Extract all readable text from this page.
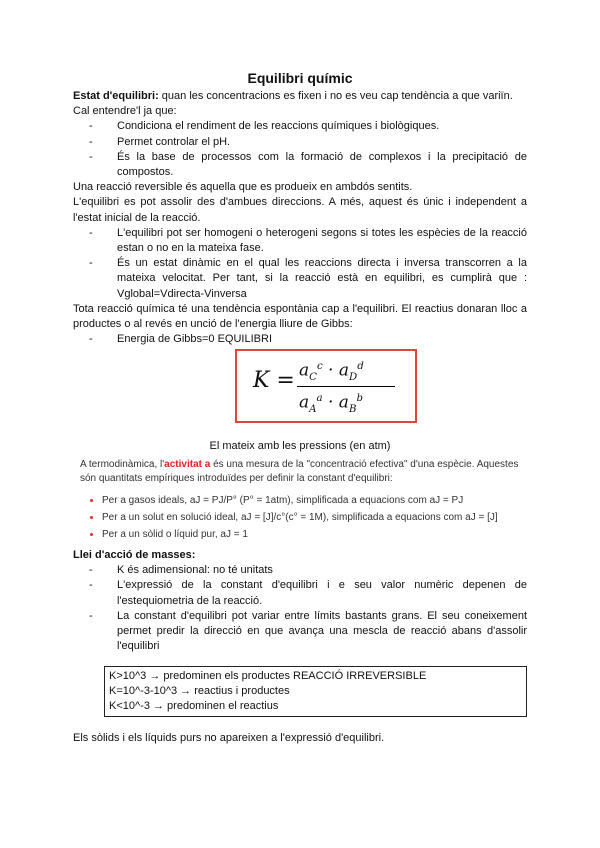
Equilibri químic
Estat d'equilibri: quan les concentracions es fixen i no es veu cap tendència a que variïn.
Cal entendre'l ja que:
- Condiciona el rendiment de les reaccions químiques i biològiques.
- Permet controlar el pH.
- És la base de processos com la formació de complexos i la precipitació de compostos.
Una reacció reversible és aquella que es produeix en ambdós sentits.
L'equilibri es pot assolir des d'ambues direccions. A més, aquest és únic i independent a l'estat inicial de la reacció.
- L'equilibri pot ser homogeni o heterogeni segons si totes les espècies de la reacció estan o no en la mateixa fase.
- És un estat dinàmic en el qual les reaccions directa i inversa transcorren a la mateixa velocitat. Per tant, si la reacció està en equilibri, es cumplirà que : Vglobal=Vdirecta-Vinversa
Tota reacció química té una tendència espontània cap a l'equilibri. El reactius donaran lloc a productes o al revés en unció de l'energia lliure de Gibbs:
- Energia de Gibbs=0 EQUILIBRI
$K = a_C^c \cdot a_D^d$
$a_A^a \cdot a_B^b$
El mateix amb les pressions (en atm)
A termodinàmica, l'activitat a és una mesura de la "concentració efectiva" d'una espècie. Aquestes són quantitats empíriques introduïdes per definir la constant d'equilibri:
• Per a gasos ideals, aJ = PJ/P° (P° = 1atm), simplificada a equacions com aJ = PJ
• Per a un solut en solució ideal, aJ = [J]/c°(c° = 1M), simplificada a equacions com aJ = [J]
• Per a un sòlid o líquid pur, aJ = 1
Llei d'acció de masses:
- K és adimensional: no té unitats
- L'expressió de la constant d'equilibri i e seu valor numèric depenen de l'estequiometria de la reacció.
- La constant d'equilibri pot variar entre límits bastants grans. El seu coneixement permet predir la direcció en que avança una mescla de reacció abans d'assolir l'equilibri
K>10^3 → predominen els productes REACCIÓ IRREVERSIBLE
K=10^-3-10^3 → reactius i productes
K<10^-3 → predominen el reactius
Els sòlids i els líquids purs no apareixen a l'expressió d'equilibri.
